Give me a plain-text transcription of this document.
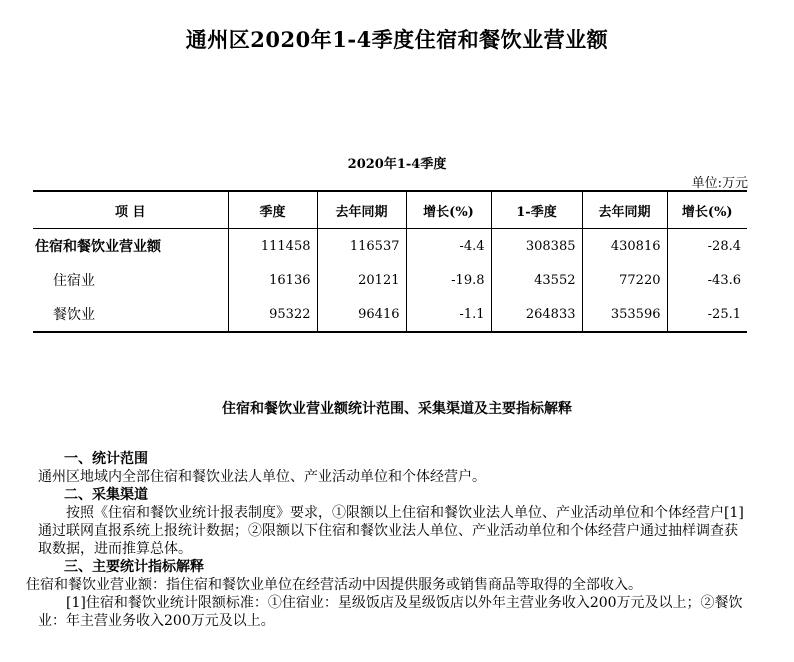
通州区2020年1-4季度住宿和餐饮业营业额
2020年1-4季度
单位:万元
项 目	季度	去年同期	增长(%)	1-季度	去年同期	增长(%)
住宿和餐饮业营业额	111458	116537	-4.4	308385	430816	-28.4
住宿业	16136	20121	-19.8	43552	77220	-43.6
餐饮业	95322	96416	-1.1	264833	353596	-25.1
住宿和餐饮业营业额统计范围、采集渠道及主要指标解释

一、统计范围

通州区地域内全部住宿和餐饮业法人单位、产业活动单位和个体经营户。

二、采集渠道

按照《住宿和餐饮业统计报表制度》要求，①限额以上住宿和餐饮业法人单位、产业活动单位和个体经营户[1]通过联网直报系统上报统计数据；②限额以下住宿和餐饮业法人单位、产业活动单位和个体经营户通过抽样调查获取数据，进而推算总体。

三、主要统计指标解释

住宿和餐饮业营业额：指住宿和餐饮业单位在经营活动中因提供服务或销售商品等取得的全部收入。

[1]住宿和餐饮业统计限额标准：①住宿业：星级饭店及星级饭店以外年主营业务收入200万元及以上；②餐饮业：年主营业务收入200万元及以上。
